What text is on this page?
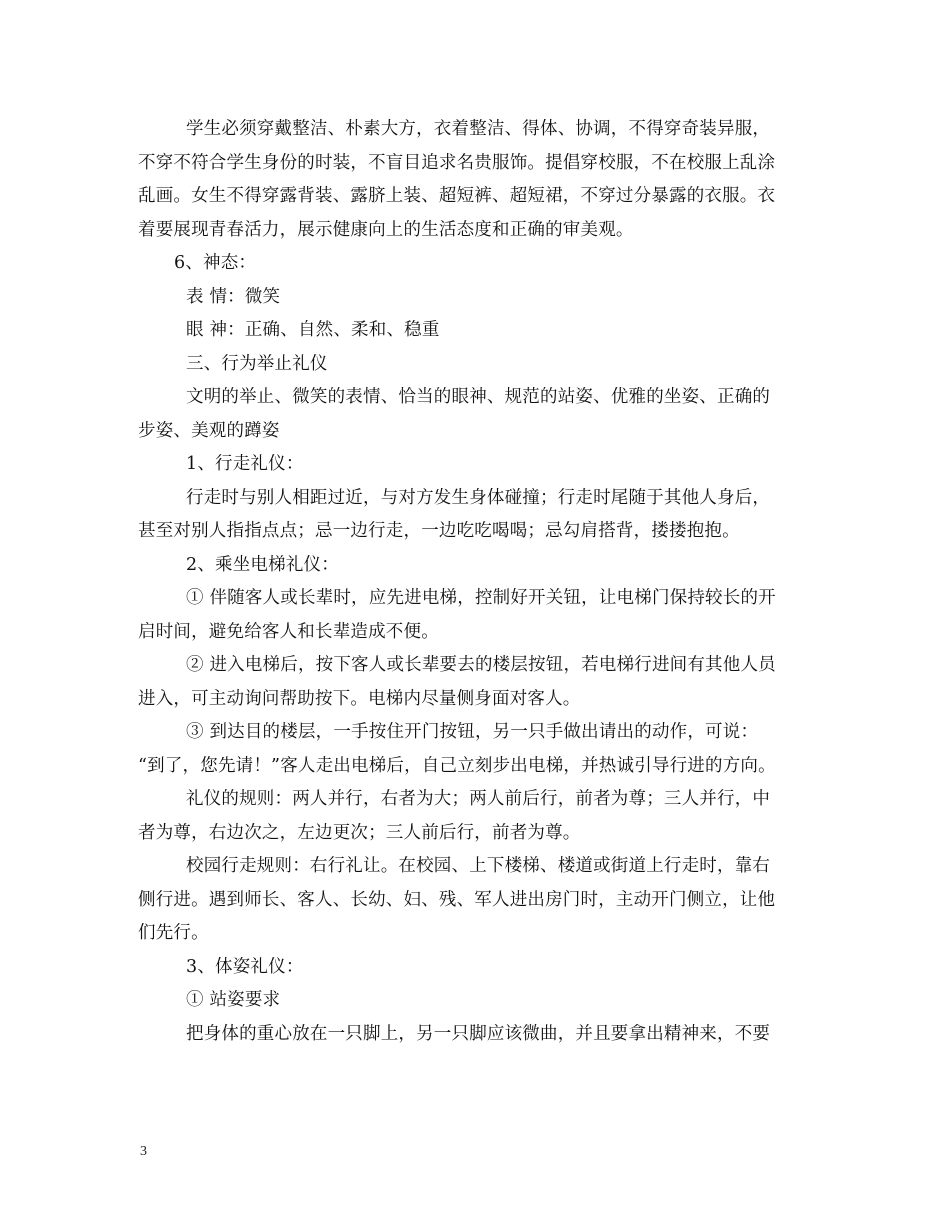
学生必须穿戴整洁、朴素大方，衣着整洁、得体、协调，不得穿奇装异服，
不穿不符合学生身份的时装，不盲目追求名贵服饰。提倡穿校服，不在校服上乱涂
乱画。女生不得穿露背装、露脐上装、超短裤、超短裙，不穿过分暴露的衣服。衣
着要展现青春活力，展示健康向上的生活态度和正确的审美观。
6、神态：
表 情：微笑
眼 神：正确、自然、柔和、稳重
三、行为举止礼仪
文明的举止、微笑的表情、恰当的眼神、规范的站姿、优雅的坐姿、正确的
步姿、美观的蹲姿
1、行走礼仪：
行走时与别人相距过近，与对方发生身体碰撞；行走时尾随于其他人身后，
甚至对别人指指点点；忌一边行走，一边吃吃喝喝；忌勾肩搭背，搂搂抱抱。
2、乘坐电梯礼仪：
① 伴随客人或长辈时，应先进电梯，控制好开关钮，让电梯门保持较长的开
启时间，避免给客人和长辈造成不便。
② 进入电梯后，按下客人或长辈要去的楼层按钮，若电梯行进间有其他人员
进入，可主动询问帮助按下。电梯内尽量侧身面对客人。
③ 到达目的楼层，一手按住开门按钮，另一只手做出请出的动作，可说：
“到了，您先请！”客人走出电梯后，自己立刻步出电梯，并热诚引导行进的方向。
礼仪的规则：两人并行，右者为大；两人前后行，前者为尊；三人并行，中
者为尊，右边次之，左边更次；三人前后行，前者为尊。
校园行走规则：右行礼让。在校园、上下楼梯、楼道或街道上行走时，靠右
侧行进。遇到师长、客人、长幼、妇、残、军人进出房门时，主动开门侧立，让他
们先行。
3、体姿礼仪：
① 站姿要求
把身体的重心放在一只脚上，另一只脚应该微曲，并且要拿出精神来，不要
3
